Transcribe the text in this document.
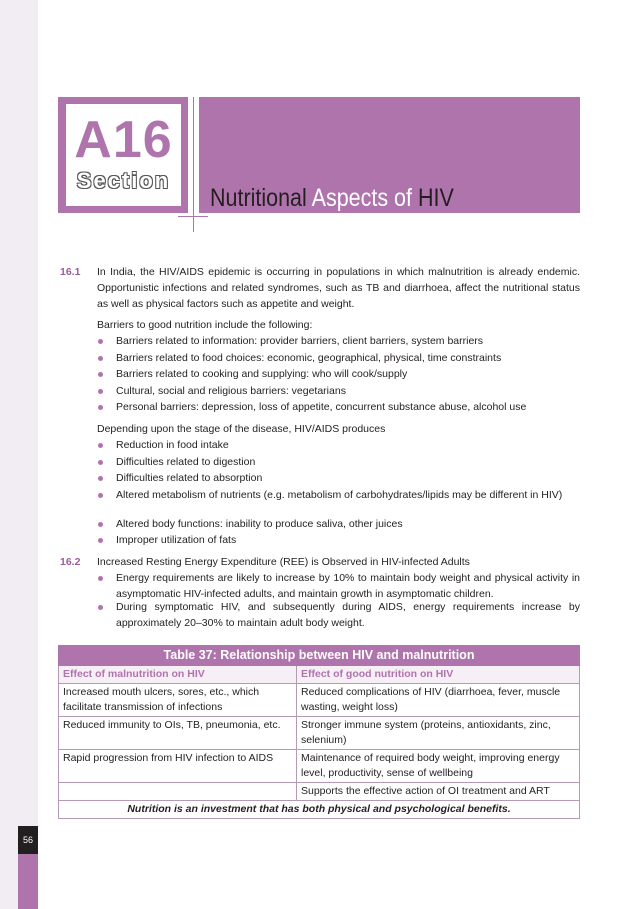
A16
Section
Nutritional Aspects of HIV
16.1 In India, the HIV/AIDS epidemic is occurring in populations in which malnutrition is already endemic. Opportunistic infections and related syndromes, such as TB and diarrhoea, affect the nutritional status as well as physical factors such as appetite and weight.
Barriers to good nutrition include the following:
Barriers related to information: provider barriers, client barriers, system barriers
Barriers related to food choices: economic, geographical, physical, time constraints
Barriers related to cooking and supplying: who will cook/supply
Cultural, social and religious barriers: vegetarians
Personal barriers: depression, loss of appetite, concurrent substance abuse, alcohol use
Depending upon the stage of the disease, HIV/AIDS produces
Reduction in food intake
Difficulties related to digestion
Difficulties related to absorption
Altered metabolism of nutrients (e.g. metabolism of carbohydrates/lipids may be different in HIV)
Altered body functions: inability to produce saliva, other juices
Improper utilization of fats
16.2 Increased Resting Energy Expenditure (REE) is Observed in HIV-infected Adults
Energy requirements are likely to increase by 10% to maintain body weight and physical activity in asymptomatic HIV-infected adults, and maintain growth in asymptomatic children.
During symptomatic HIV, and subsequently during AIDS, energy requirements increase by approximately 20–30% to maintain adult body weight.
Table 37: Relationship between HIV and malnutrition	
Effect of malnutrition on HIV	Effect of good nutrition on HIV
Increased mouth ulcers, sores, etc., which facilitate transmission of infections	Reduced complications of HIV (diarrhoea, fever, muscle wasting, weight loss)
Reduced immunity to OIs, TB, pneumonia, etc.	Stronger immune system (proteins, antioxidants, zinc, selenium)
Rapid progression from HIV infection to AIDS	Maintenance of required body weight, improving energy level, productivity, sense of wellbeing
	Supports the effective action of OI treatment and ART
Nutrition is an investment that has both physical and psychological benefits.	
56
